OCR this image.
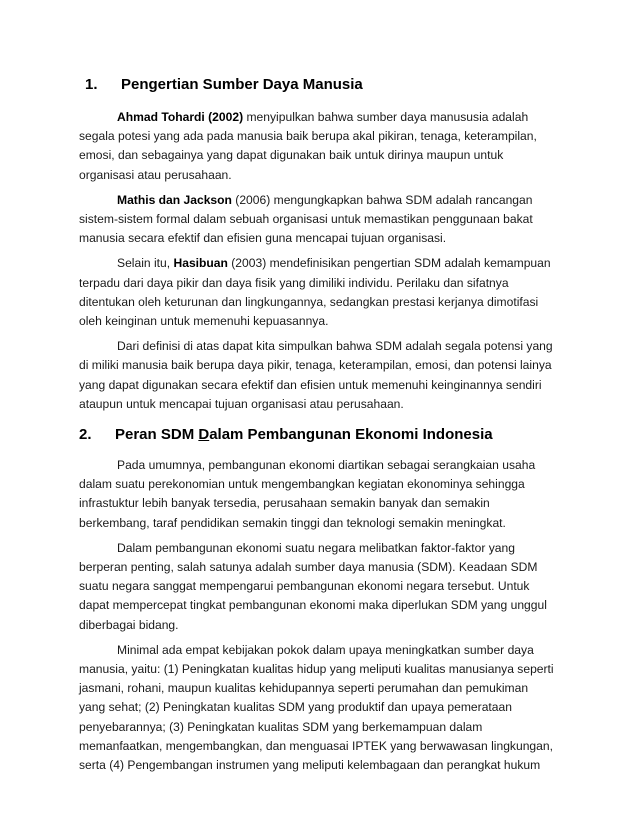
1.	Pengertian Sumber Daya Manusia

Ahmad Tohardi (2002) menyipulkan bahwa sumber daya manususia adalah
segala potesi yang ada pada manusia baik berupa akal pikiran, tenaga, keterampilan,
emosi, dan sebagainya yang dapat digunakan baik untuk dirinya maupun untuk
organisasi atau perusahaan.

Mathis dan Jackson (2006) mengungkapkan bahwa SDM adalah rancangan
sistem-sistem formal dalam sebuah organisasi untuk memastikan penggunaan bakat
manusia secara efektif dan efisien guna mencapai tujuan organisasi.

Selain itu, Hasibuan (2003) mendefinisikan pengertian SDM adalah kemampuan
terpadu dari daya pikir dan daya fisik yang dimiliki individu. Perilaku dan sifatnya
ditentukan oleh keturunan dan lingkungannya, sedangkan prestasi kerjanya dimotifasi
oleh keinginan untuk memenuhi kepuasannya.

Dari definisi di atas dapat kita simpulkan bahwa SDM adalah segala potensi yang
di miliki manusia baik berupa daya pikir, tenaga, keterampilan, emosi, dan potensi lainya
yang dapat digunakan secara efektif dan efisien untuk memenuhi keinginannya sendiri
ataupun untuk mencapai tujuan organisasi atau perusahaan.

2.	Peran SDM Dalam Pembangunan Ekonomi Indonesia

Pada umumnya, pembangunan ekonomi diartikan sebagai serangkaian usaha
dalam suatu perekonomian untuk mengembangkan kegiatan ekonominya sehingga
infrastuktur lebih banyak tersedia, perusahaan semakin banyak dan semakin
berkembang, taraf pendidikan semakin tinggi dan teknologi semakin meningkat.

Dalam pembangunan ekonomi suatu negara melibatkan faktor-faktor yang
berperan penting, salah satunya adalah sumber daya manusia (SDM). Keadaan SDM
suatu negara sanggat mempengarui pembangunan ekonomi negara tersebut. Untuk
dapat mempercepat tingkat pembangunan ekonomi maka diperlukan SDM yang unggul
diberbagai bidang.

Minimal ada empat kebijakan pokok dalam upaya meningkatkan sumber daya
manusia, yaitu: (1) Peningkatan kualitas hidup yang meliputi kualitas manusianya seperti
jasmani, rohani, maupun kualitas kehidupannya seperti perumahan dan pemukiman
yang sehat; (2) Peningkatan kualitas SDM yang produktif dan upaya pemerataan
penyebarannya; (3) Peningkatan kualitas SDM yang berkemampuan dalam
memanfaatkan, mengembangkan, dan menguasai IPTEK yang berwawasan lingkungan,
serta (4) Pengembangan instrumen yang meliputi kelembagaan dan perangkat hukum
